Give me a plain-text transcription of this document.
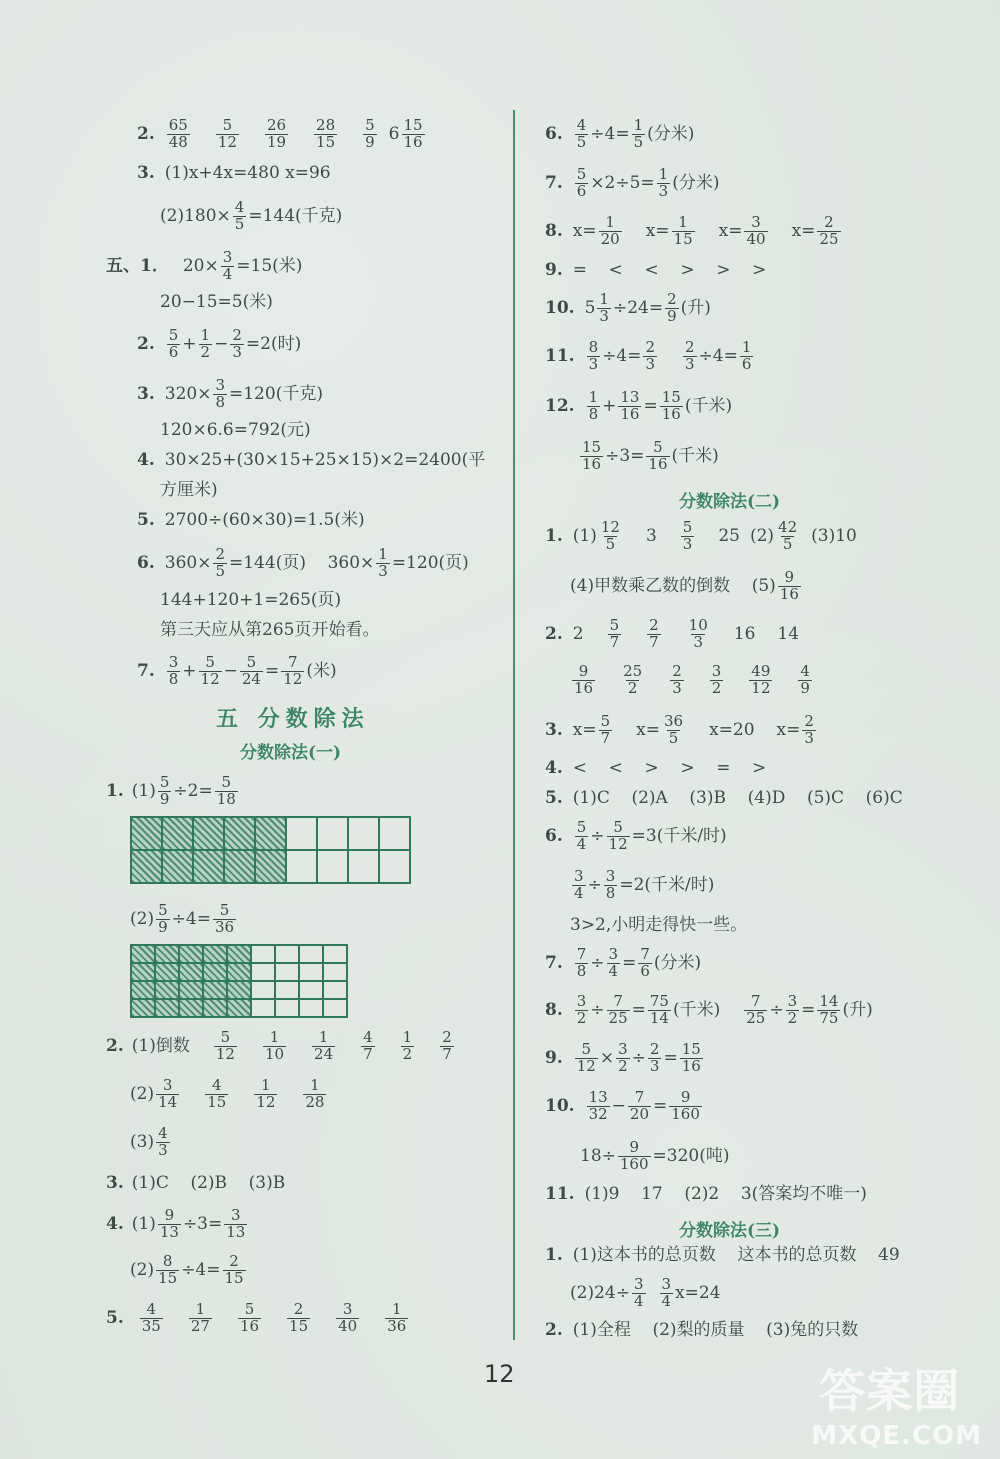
2. $\frac{65}{48} \frac{5}{12} \frac{26}{19} \frac{28}{15} \frac{5}{9} 6 \frac{15}{16}$
3. (1)x+4x=480 x=96
$(2)180\times \frac{4}{5} =144$(千克)
五、1． $20\times \frac{3}{4} =15$(米)
20−15=5(米)
2. $\frac{5}{6} + \frac{1}{2} - \frac{2}{3} =2$(时)
3. $320\times \frac{3}{8} =120$(千克)
120×6.6=792(元)
4. 30×25+(30×15+25×15)×2=2400(平
方厘米)
5. 2700÷(60×30)=1.5(米)
6. $360\times \frac{2}{5} =144$(页)    $360\times \frac{1}{3} =120$(页)
144+120+1=265(页)
第三天应从第265页开始看。
7. $\frac{3}{8} + \frac{5}{12} - \frac{5}{24} = \frac{7}{12}$ (米)
五 分数除法
分数除法(一)
1. $(1) \frac{5}{9} \div 2= \frac{5}{18}$

$(2) \frac{5}{9} \div 4= \frac{5}{36}$

2. (1)倒数 $\frac{5}{12} \frac{1}{10} \frac{1}{24} \frac{4}{7} \frac{1}{2} \frac{2}{7}$
$(2) \frac{3}{14} \frac{4}{15} \frac{1}{12} \frac{1}{28}$
$(3) \frac{4}{3}$
3. (1)C    (2)B    (3)B
4. $(1) \frac{9}{13} \div 3= \frac{3}{13}$
$(2) \frac{8}{15} \div 4= \frac{2}{15}$
5. $\frac{4}{35} \frac{1}{27} \frac{5}{16} \frac{2}{15} \frac{3}{40} \frac{1}{36}$
6. $\frac{4}{5} \div 4= \frac{1}{5}$ (分米)
7. $\frac{5}{6} \times 2\div 5= \frac{1}{3}$ (分米)
8. $x= \frac{1}{20} x= \frac{1}{15} x= \frac{3}{40} x= \frac{2}{25}$
9. =    <    <    >    >    >
10. $5 \frac{1}{3} \div 24= \frac{2}{9}$ (升)
11. $\frac{8}{3} \div 4= \frac{2}{3} \frac{2}{3} \div 4= \frac{1}{6}$
12. $\frac{1}{8} + \frac{13}{16} = \frac{15}{16}$ (千米)
$\frac{15}{16} \div 3= \frac{5}{16}$ (千米)
分数除法(二)
1. $(1) \frac{12}{5} 3 \frac{5}{3} 25$ $(2) \frac{42}{5} (3)10$
(4)甲数乘乙数的倒数    $(5) \frac{9}{16}$
2. $2 \frac{5}{7} \frac{2}{7} \frac{10}{3} 16$ 14
$\frac{9}{16} \frac{25}{2} \frac{2}{3} \frac{3}{2} \frac{49}{12} \frac{4}{9}$
3. $x= \frac{5}{7} x= \frac{36}{5} x=20$ $x= \frac{2}{3}$
4. <    <    >    >    =    >
5. (1)C    (2)A    (3)B    (4)D    (5)C    (6)C
6. $\frac{5}{4} \div \frac{5}{12} =3$(千米/时)
$\frac{3}{4} \div \frac{3}{8} =2$(千米/时)
3>2,小明走得快一些。
7. $\frac{7}{8} \div \frac{3}{4} = \frac{7}{6}$ (分米)
8. $\frac{3}{2} \div \frac{7}{25} = \frac{75}{14}$ (千米) $\frac{7}{25} \div \frac{3}{2} = \frac{14}{75}$ (升)
9. $\frac{5}{12} \times \frac{3}{2} \div \frac{2}{3} = \frac{15}{16}$
10. $\frac{13}{32} - \frac{7}{20} = \frac{9}{160}$
$18\div \frac{9}{160} =320$(吨)
11. (1)9    17    (2)2    3(答案均不唯一)
分数除法(三)
1. (1)这本书的总页数    这本书的总页数    49
$(2)24\div \frac{3}{4} \frac{3}{4} x=24$
2. (1)全程    (2)梨的质量    (3)兔的只数
12	答案圈
MXQE.COM
